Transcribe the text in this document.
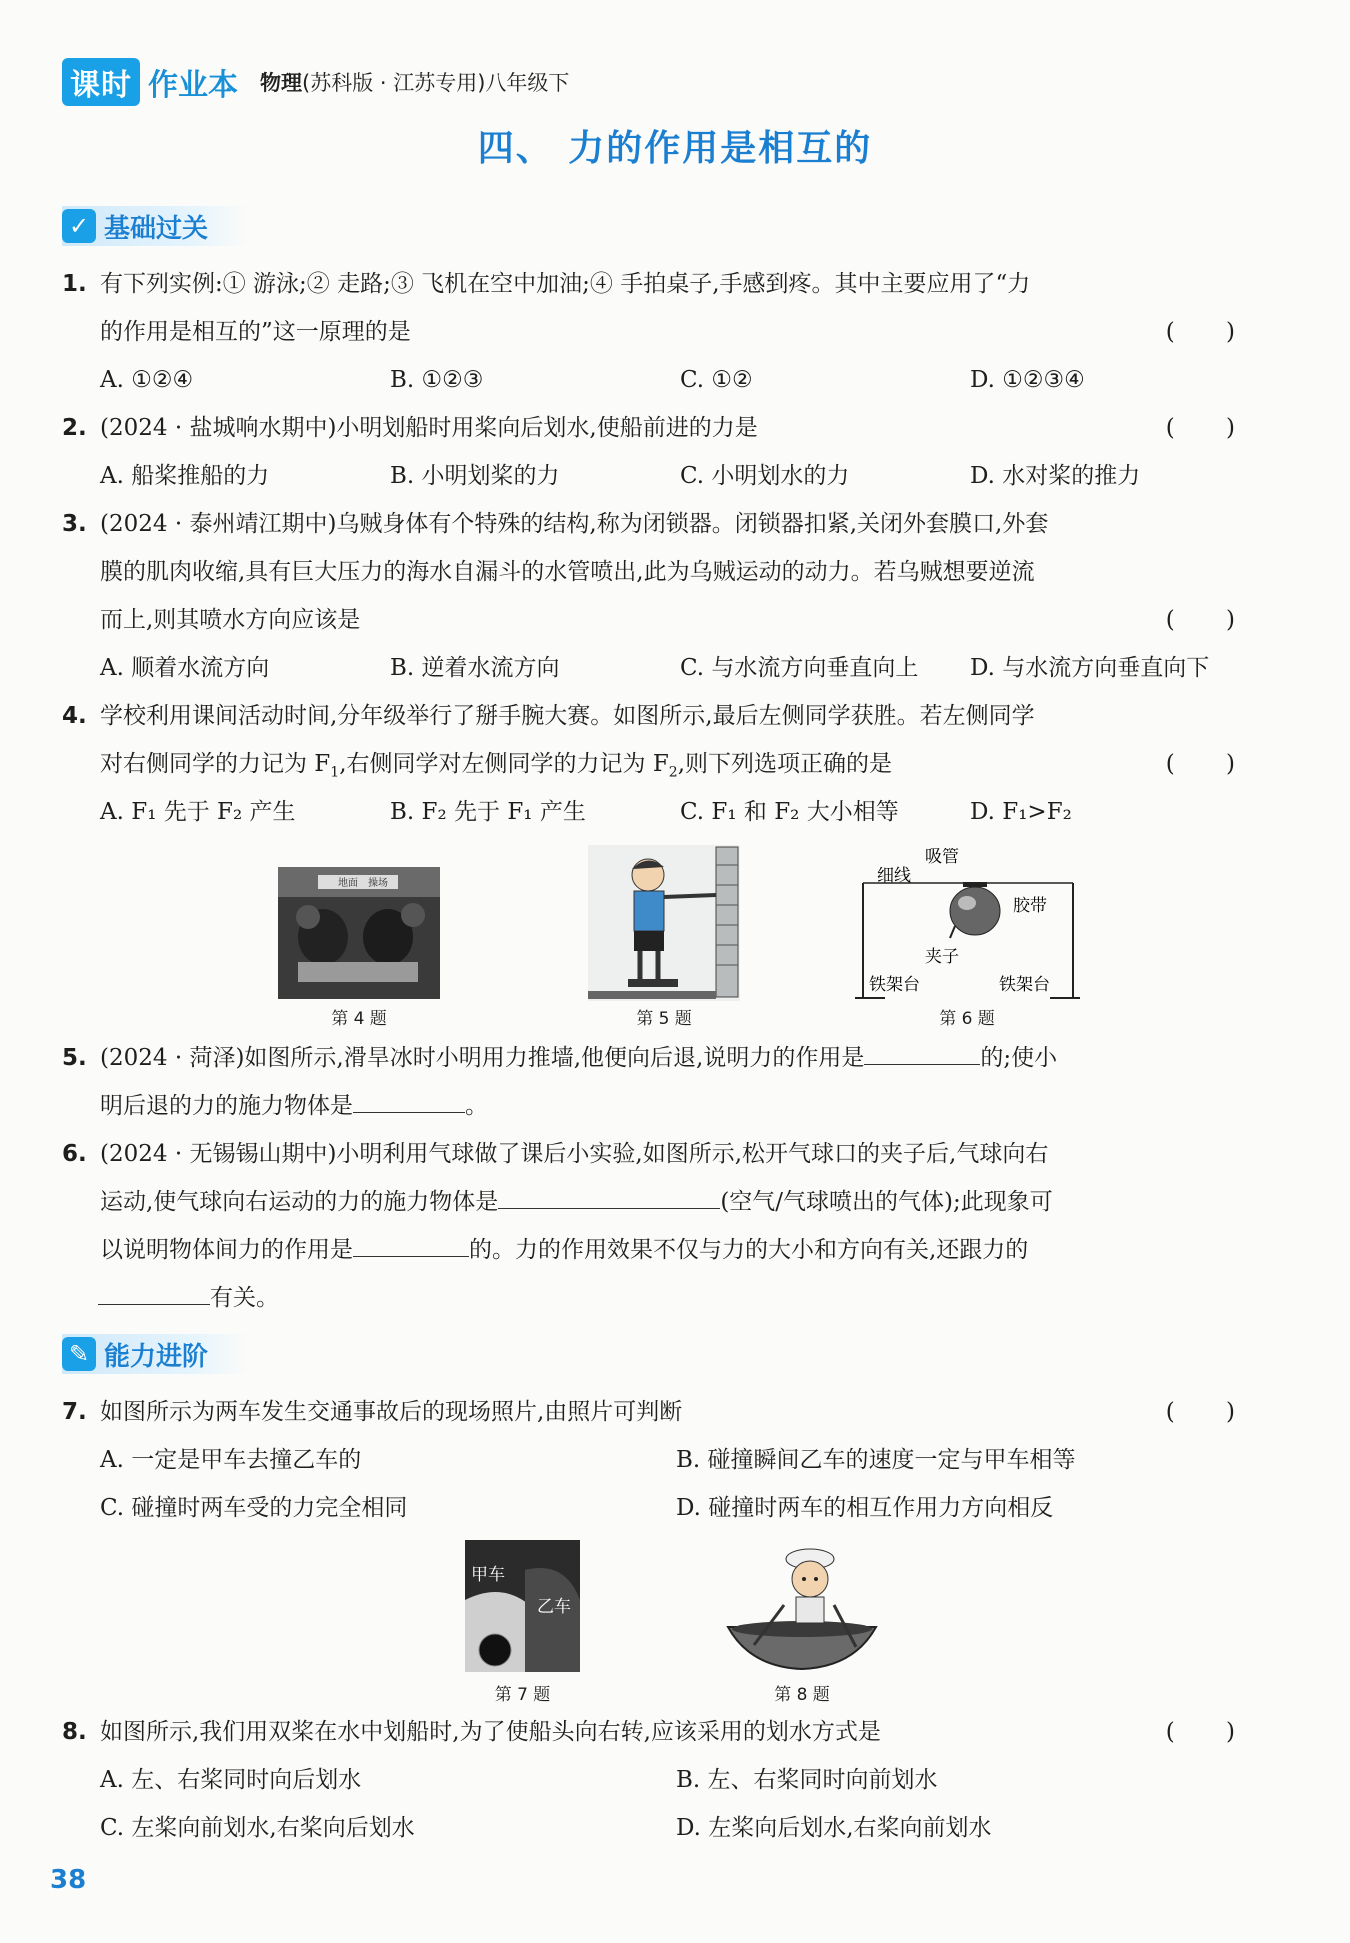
课时 作业本 物理(苏科版 · 江苏专用)八年级下
四、 力的作用是相互的
✓ 基础过关
1. 有下列实例:① 游泳;② 走路;③ 飞机在空中加油;④ 手拍桌子,手感到疼。其中主要应用了“力
的作用是相互的”这一原理的是	( )
A. ①②④	B. ①②③	C. ①②	D. ①②③④
2. (2024 · 盐城响水期中)小明划船时用桨向后划水,使船前进的力是	( )
A. 船桨推船的力	B. 小明划桨的力	C. 小明划水的力	D. 水对桨的推力
3. (2024 · 泰州靖江期中)乌贼身体有个特殊的结构,称为闭锁器。闭锁器扣紧,关闭外套膜口,外套
膜的肌肉收缩,具有巨大压力的海水自漏斗的水管喷出,此为乌贼运动的动力。若乌贼想要逆流
而上,则其喷水方向应该是	( )
A. 顺着水流方向	B. 逆着水流方向	C. 与水流方向垂直向上 D. 与水流方向垂直向下
4. 学校利用课间活动时间,分年级举行了掰手腕大赛。如图所示,最后左侧同学获胜。若左侧同学
对右侧同学的力记为 $F_1$,右侧同学对左侧同学的力记为 $F_2$,则下列选项正确的是	( )
A. F₁ 先于 F₂ 产生	B. F₂ 先于 F₁ 产生	C. F₁ 和 F₂ 大小相等	D. F₁>F₂
地面 操场
第 4 题	第 5 题
吸管
细线
胶带
夹子
铁架台	铁架台
第 6 题
5. (2024 · 菏泽)如图所示,滑旱冰时小明用力推墙,他便向后退,说明力的作用是	的;使小
明后退的力的施力物体是	。
6. (2024 · 无锡锡山期中)小明利用气球做了课后小实验,如图所示,松开气球口的夹子后,气球向右
运动,使气球向右运动的力的施力物体是	(空气/气球喷出的气体);此现象可
以说明物体间力的作用是	的。力的作用效果不仅与力的大小和方向有关,还跟力的
有关。
✎ 能力进阶
7. 如图所示为两车发生交通事故后的现场照片,由照片可判断	( )
A. 一定是甲车去撞乙车的	B. 碰撞瞬间乙车的速度一定与甲车相等
C. 碰撞时两车受的力完全相同	D. 碰撞时两车的相互作用力方向相反
甲车
乙车
第 7 题	第 8 题
8. 如图所示,我们用双桨在水中划船时,为了使船头向右转,应该采用的划水方式是	( )
A. 左、右桨同时向后划水	B. 左、右桨同时向前划水
C. 左桨向前划水,右桨向后划水	D. 左桨向后划水,右桨向前划水
38
